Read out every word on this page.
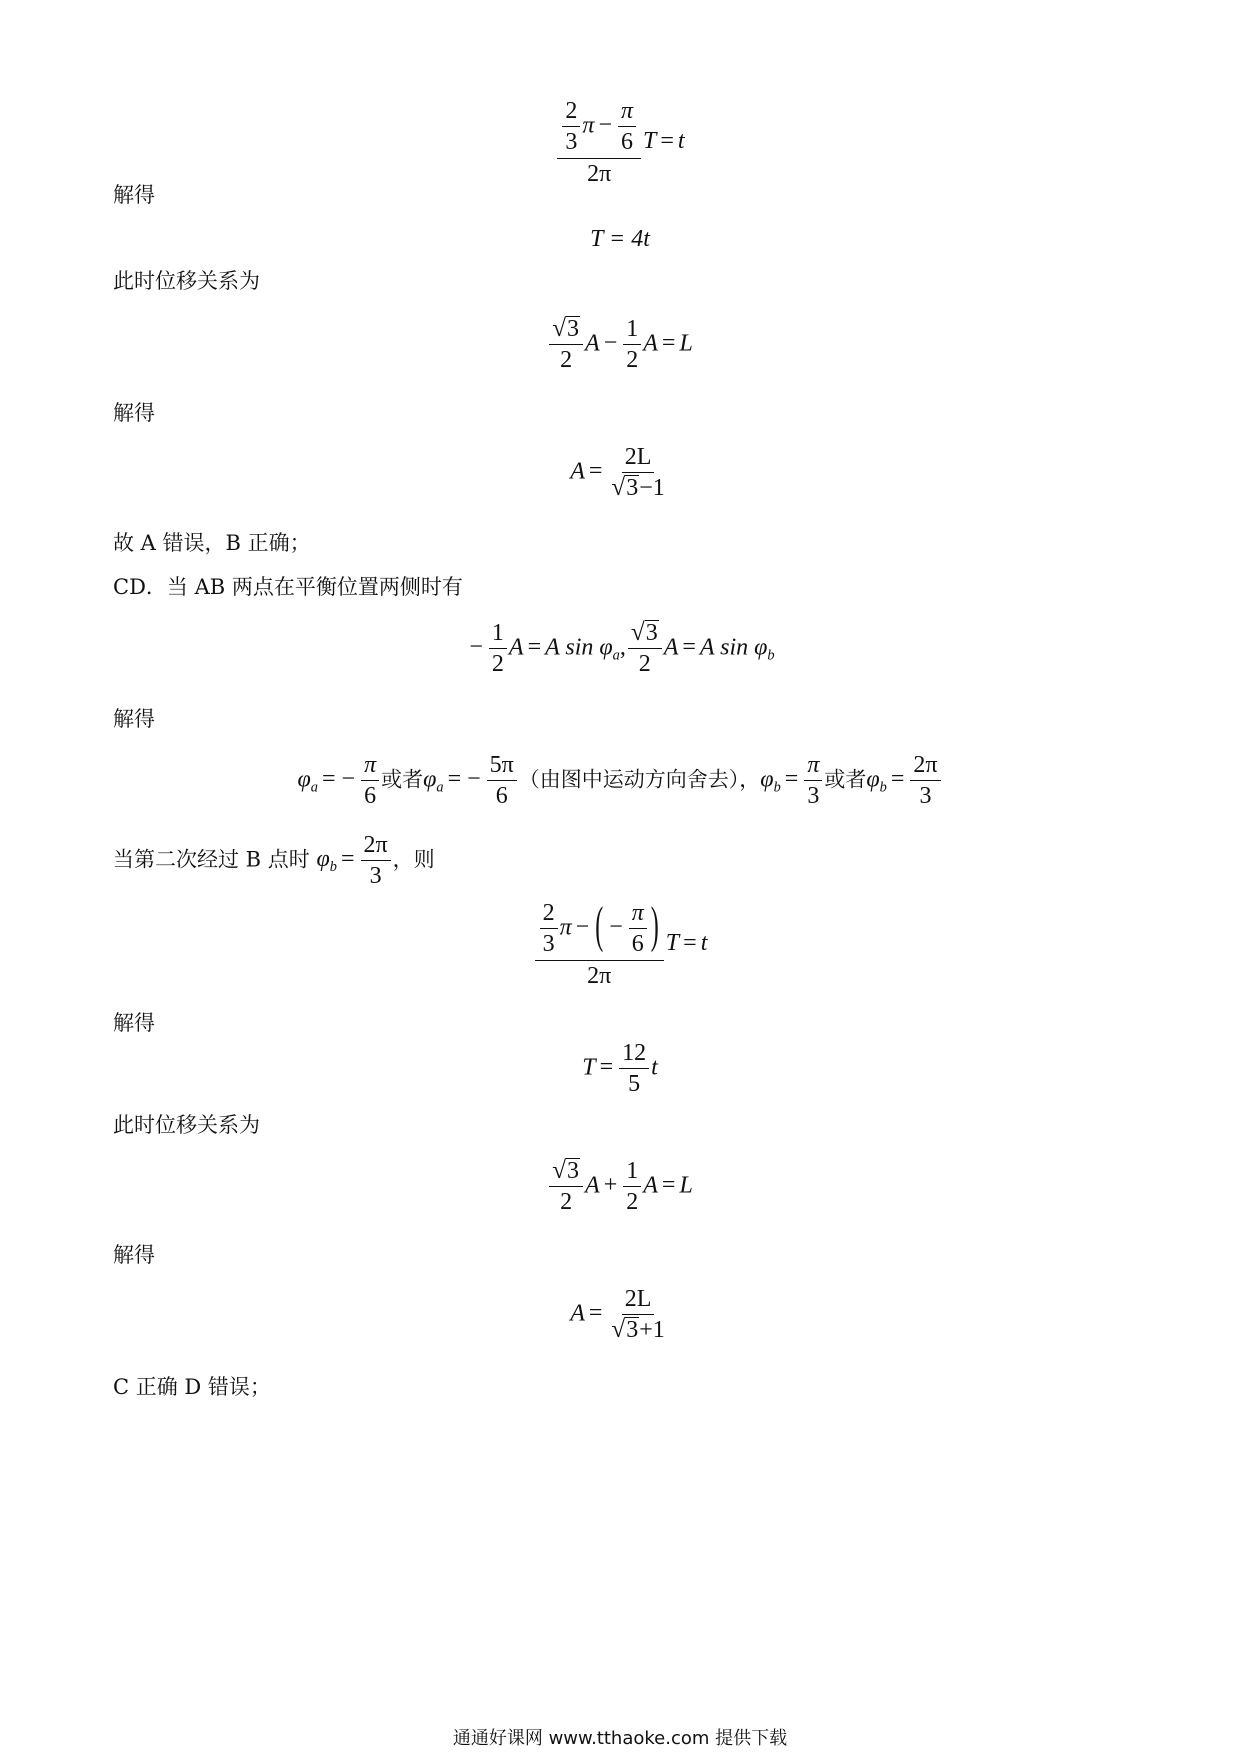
$\frac{\frac{2}{3} \pi - \frac{\pi}{6}}{2\pi}$ T = t
解得
T = 4t
此时位移关系为
$\frac{√ 3}{2}$ $A - \frac{1}{2}$ A = L
解得
$A = \frac{2L}{√ 3 -1}$
故 A 错误，B 正确；
CD．当 AB 两点在平衡位置两侧时有
− $\frac{1}{2}$ A = A $\sin \varphi_a$, $\frac{√ 3}{2}$ A = A $\sin \varphi_b$
解得
$\varphi_a$ = − $\frac{\pi}{6}$ 或者$\varphi_a$ = − $\frac{5\pi}{6}$ （由图中运动方向舍去），$\varphi_b = \frac{\pi}{3}$ 或者$\varphi_b = \frac{2\pi}{3}$
当第二次经过 B 点时 $\varphi_b = \frac{2\pi}{3}$ ，则
$\frac{\frac{2}{3} \pi - ( - \frac{\pi}{6} )}{2\pi}$ T = t
解得
$T = \frac{12}{5}$ t
此时位移关系为
$\frac{√ 3}{2}$ $A + \frac{1}{2}$ A = L
解得
$A = \frac{2L}{√ 3 +1}$
C 正确 D 错误；
通通好课网 www.tthaoke.com 提供下载
